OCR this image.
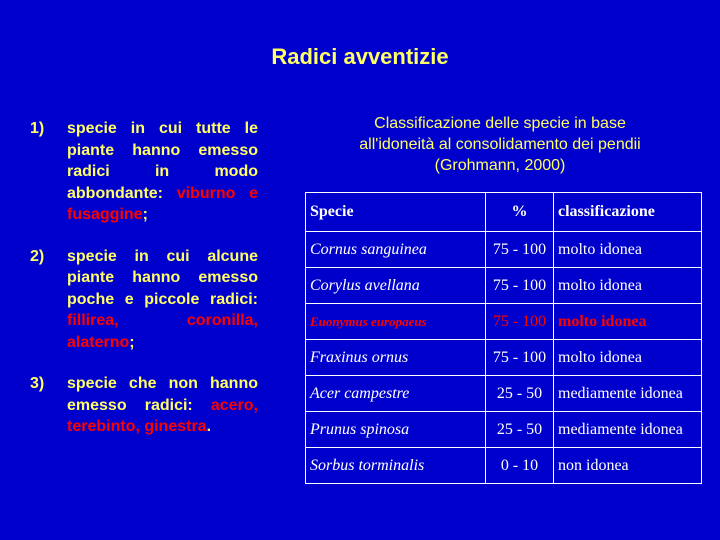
Radici avventizie
1)	specie in cui tutte le piante hanno emesso radici in modo abbondante: viburno e fusaggine;
2)	specie in cui alcune piante hanno emesso poche e piccole radici: fillirea, coronilla, alaterno;
3)	specie che non hanno emesso radici: acero, terebinto, ginestra.
Classificazione delle specie in base
all'idoneità al consolidamento dei pendii
(Grohmann, 2000)
Specie	%	classificazione
Cornus sanguinea	75 - 100	molto idonea
Corylus avellana	75 - 100	molto idonea
Euonymus europaeus	75 - 100	molto idonea
Fraxinus ornus	75 - 100	molto idonea
Acer campestre	25 - 50	mediamente idonea
Prunus spinosa	25 - 50	mediamente idonea
Sorbus torminalis	0 - 10	non idonea
